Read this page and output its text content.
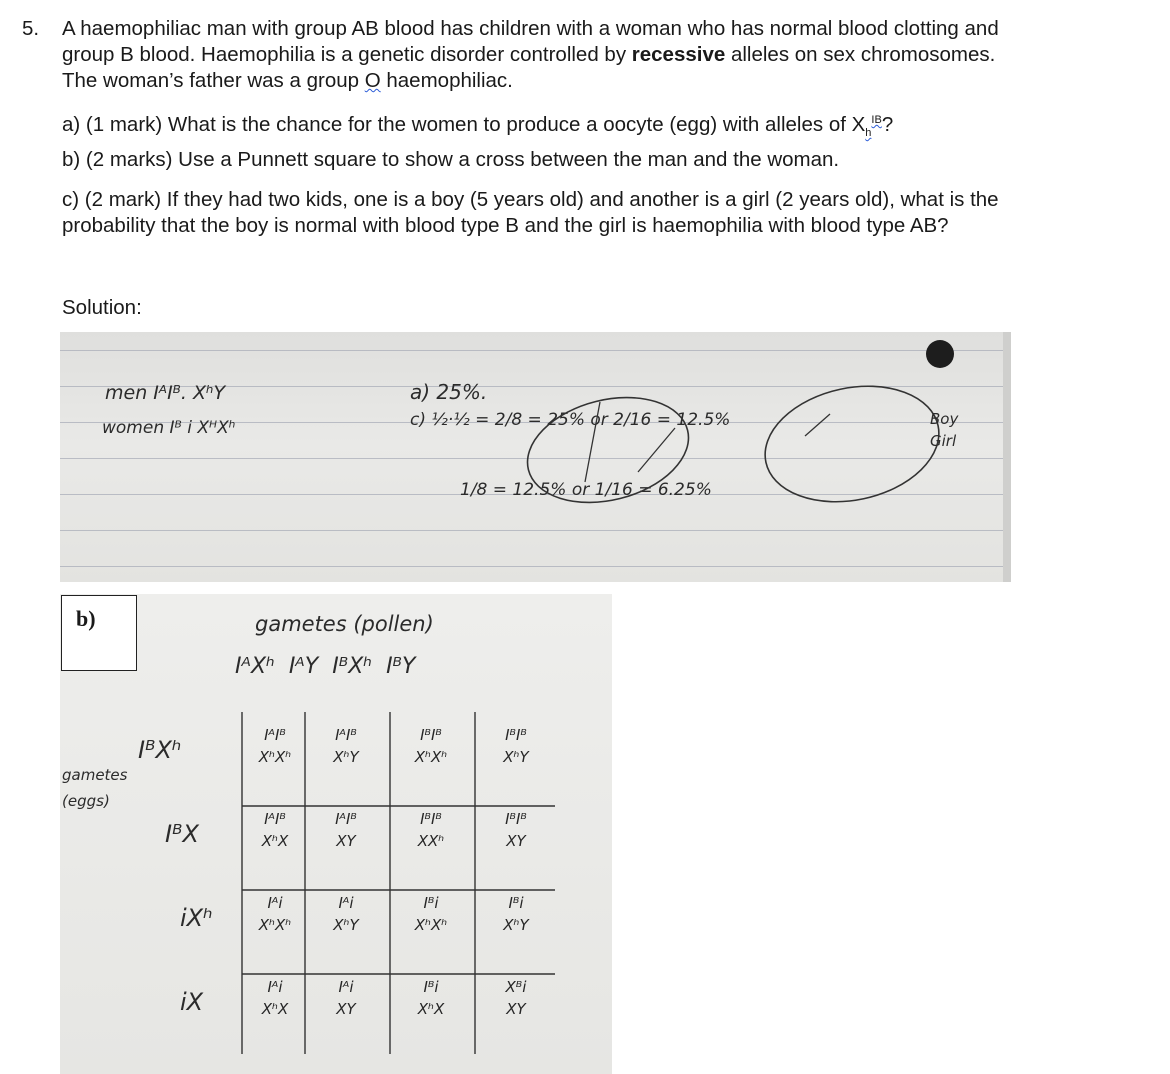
5. A haemophiliac man with group AB blood has children with a woman who has normal blood clotting and
group B blood. Haemophilia is a genetic disorder controlled by recessive alleles on sex chromosomes.
The woman’s father was a group O haemophiliac.
a) (1 mark) What is the chance for the women to produce a oocyte (egg) with alleles of $X_h^{IB}$?
b) (2 marks) Use a Punnett square to show a cross between the man and the woman.
c) (2 mark) If they had two kids, one is a boy (5 years old) and another is a girl (2 years old), what is the
probability that the boy is normal with blood type B and the girl is haemophilia with blood type AB?
Solution:
men IᴬIᴮ. XʰY
women Iᴮ i XᴴXʰ
a) 25%.
c) ½·½ = 2/8 = 25% or 2/16 = 12.5%
1/8 = 12.5% or 1/16 = 6.25%
Boy
Girl
gametes (pollen)
IᴬXʰ IᴬY IᴮXʰ IᴮY
gametes (eggs)
IᴮXʰ
IᴬIᴮ
XʰXʰ
IᴬIᴮ
XʰY
IᴮIᴮ
XʰXʰ
IᴮIᴮ
XʰY
IᴮX
IᴬIᴮ
XʰX
IᴬIᴮ
XY
IᴮIᴮ
XXʰ
IᴮIᴮ
XY
iXʰ
Iᴬi
XʰXʰ
Iᴬi
XʰY
Iᴮi
XʰXʰ
Iᴮi
XʰY
iX
Iᴬi
XʰX
Iᴬi
XY
Iᴮi
XʰX
Xᴮi
XY
b)
